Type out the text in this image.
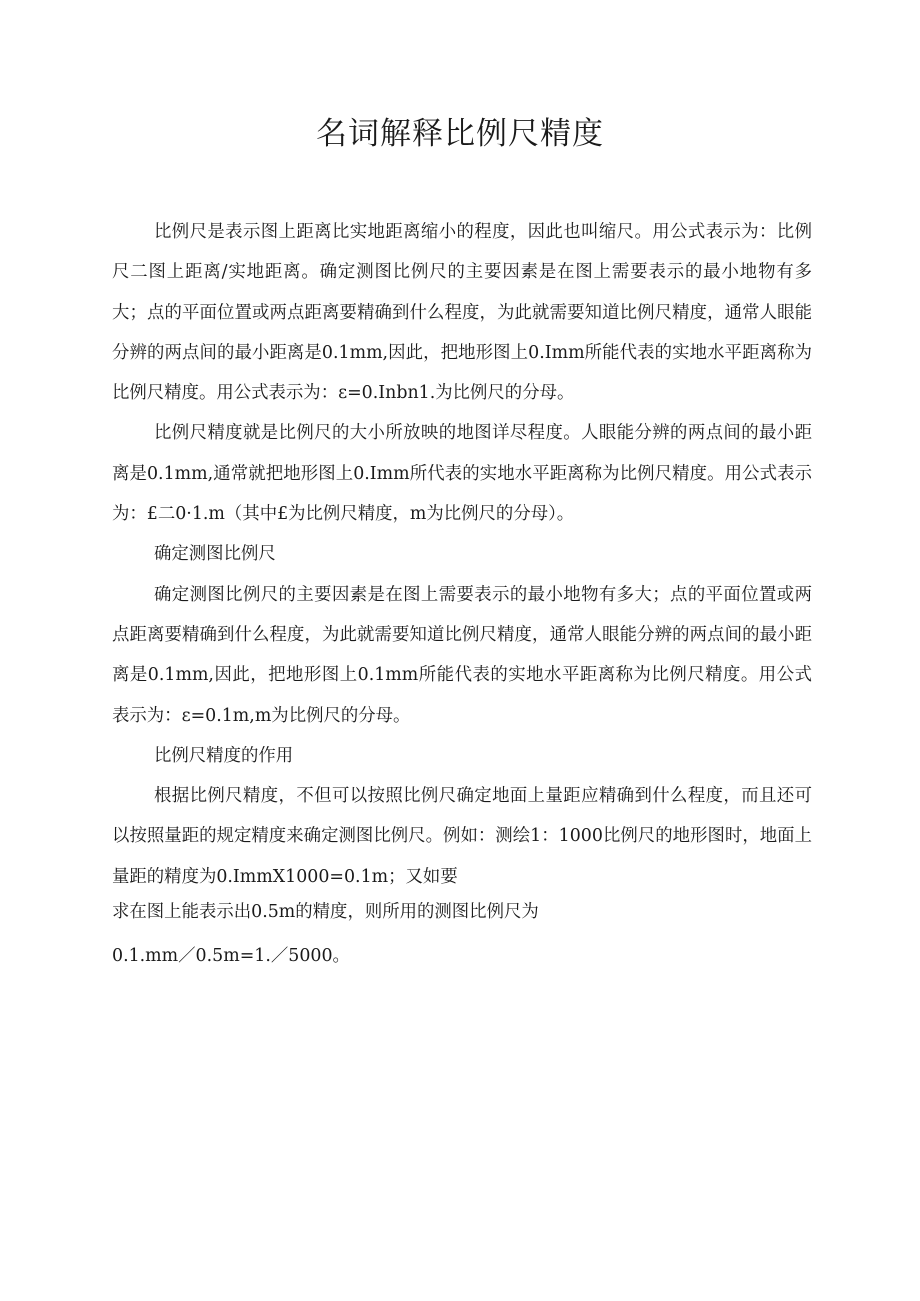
名词解释比例尺精度

比例尺是表示图上距离比实地距离缩小的程度，因此也叫缩尺。用公式表示为：比例尺二图上距离/实地距离。确定测图比例尺的主要因素是在图上需要表示的最小地物有多大；点的平面位置或两点距离要精确到什么程度，为此就需要知道比例尺精度，通常人眼能分辨的两点间的最小距离是0.1mm,因此，把地形图上0.Imm所能代表的实地水平距离称为比例尺精度。用公式表示为：ε=0.Inbn1.为比例尺的分母。

比例尺精度就是比例尺的大小所放映的地图详尽程度。人眼能分辨的两点间的最小距离是0.1mm,通常就把地形图上0.Imm所代表的实地水平距离称为比例尺精度。用公式表示为：£二0·1.m（其中£为比例尺精度，m为比例尺的分母）。

确定测图比例尺

确定测图比例尺的主要因素是在图上需要表示的最小地物有多大；点的平面位置或两点距离要精确到什么程度，为此就需要知道比例尺精度，通常人眼能分辨的两点间的最小距离是0.1mm,因此，把地形图上0.1mm所能代表的实地水平距离称为比例尺精度。用公式表示为：ε=0.1m,m为比例尺的分母。

比例尺精度的作用

根据比例尺精度，不但可以按照比例尺确定地面上量距应精确到什么程度，而且还可以按照量距的规定精度来确定测图比例尺。例如：测绘1：1000比例尺的地形图时，地面上量距的精度为0.ImmX1000=0.1m；又如要

求在图上能表示出0.5m的精度，则所用的测图比例尺为

0.1.mm／0.5m=1.／5000。
